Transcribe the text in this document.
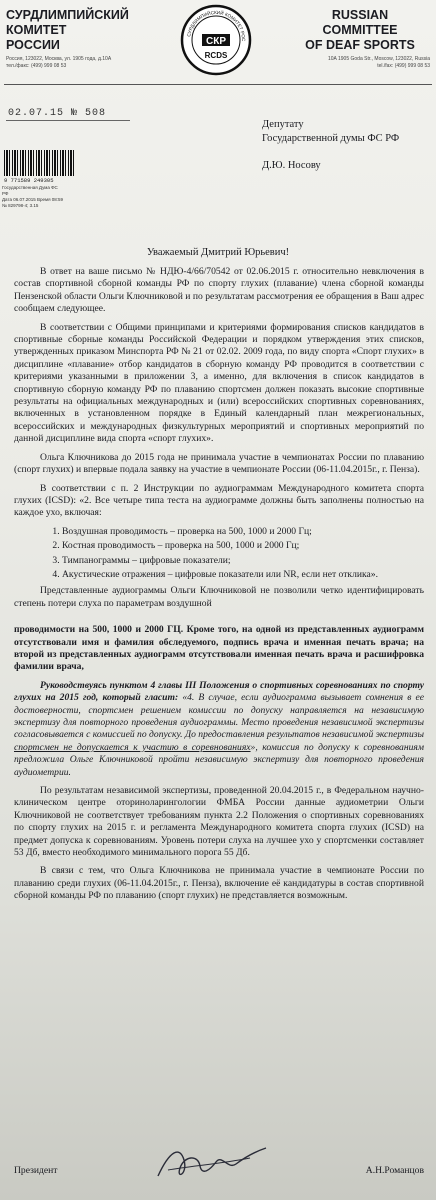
СУРДЛИМПИЙСКИЙ
КОМИТЕТ
РОССИИ
Россия, 123022, Москва, ул. 1905 года, д.10А
тел./факс: (499) 999 08 53
СУРДЛИМПИЙСКИЙ КОМИТЕТ РОС
СКР
RCDS
RUSSIAN
COMMITTEE
OF DEAF SPORTS
10A 1905 Goda Str., Moscow, 123022, Russia
tel./fax: (499) 999 08 53
02.07.15 № 508
9 771589 249305
Государственная Дума ФС РФ
Дата 06.07.2015 Время 08:59
№ 829798-4; 3.15
Депутату
Государственной думы ФС РФ
Д.Ю. Носову
Уважаемый Дмитрий Юрьевич!

В ответ на ваше письмо № НДЮ-4/66/70542 от 02.06.2015 г. относительно невключения в состав спортивной сборной команды РФ по спорту глухих (плавание) члена сборной команды Пензенской области Ольги Ключниковой и по результатам рассмотрения ее обращения в Ваш адрес сообщаем следующее.

В соответствии с Общими принципами и критериями формирования списков кандидатов в спортивные сборные команды Российской Федерации и порядком утверждения этих списков, утвержденных приказом Минспорта РФ № 21 от 02.02. 2009 года, по виду спорта «Спорт глухих» в дисциплине «плавание» отбор кандидатов в сборную команду РФ проводится в соответствии с критериями указанными в приложении 3, а именно, для включения в список кандидатов в спортивную сборную команду РФ по плаванию спортсмен должен показать высокие спортивные результаты на официальных международных и (или) всероссийских спортивных соревнованиях, включенных в установленном порядке в Единый календарный план межрегиональных, всероссийских и международных физкультурных мероприятий и спортивных мероприятий по данной дисциплине вида спорта «спорт глухих».

Ольга Ключникова до 2015 года не принимала участие в чемпионатах России по плаванию (спорт глухих) и впервые подала заявку на участие в чемпионате России (06-11.04.2015г., г. Пенза).

В соответствии с п. 2 Инструкции по аудиограммам Международного комитета спорта глухих (ICSD): «2. Все четыре типа теста на аудиограмме должны быть заполнены полностью на каждое ухо, включая:

1. Воздушная проводимость – проверка на 500, 1000 и 2000 Гц;
2. Костная проводимость – проверка на 500, 1000 и 2000 Гц;
3. Тимпанограммы – цифровые показатели;
4. Акустические отражения – цифровые показатели или NR, если нет отклика».

Представленные аудиограммы Ольги Ключниковой не позволили четко идентифицировать степень потери слуха по параметрам воздушной

проводимости на 500, 1000 и 2000 ГЦ. Кроме того, на одной из представленных аудиограмм отсутствовали имя и фамилия обследуемого, подпись врача и именная печать врача; на второй из представленных аудиограмм отсутствовали именная печать врача и расшифровка фамилии врача,

Руководствуясь пунктом 4 главы III Положения о спортивных соревнованиях по спорту глухих на 2015 год, который гласит: «4. В случае, если аудиограмма вызывает сомнения в ее достоверности, спортсмен решением комиссии по допуску направляется на независимую экспертизу для повторного проведения аудиограммы. Место проведения независимой экспертизы согласовывается с комиссией по допуску. До предоставления результатов независимой экспертизы спортсмен не допускается к участию в соревнованиях», комиссия по допуску к соревнованиям предложила Ольге Ключниковой пройти независимую экспертизу для повторного проведения аудиометрии.

По результатам независимой экспертизы, проведенной 20.04.2015 г., в Федеральном научно-клиническом центре оториноларингологии ФМБА России данные аудиометрии Ольги Ключниковой не соответствует требованиям пункта 2.2 Положения о спортивных соревнованиях по спорту глухих на 2015 г. и регламента Международного комитета спорта глухих (ICSD) на предмет допуска к соревнованиям. Уровень потери слуха на лучшее ухо у спортсменки составляет 53 Дб, вместо необходимого минимального порога 55 Дб.

В связи с тем, что Ольга Ключникова не принимала участие в чемпионате России по плаванию среди глухих (06-11.04.2015г., г. Пенза), включение её кандидатуры в состав спортивной сборной команды РФ по плаванию (спорт глухих) не представляется возможным.

Президент	А.Н.Романцов
